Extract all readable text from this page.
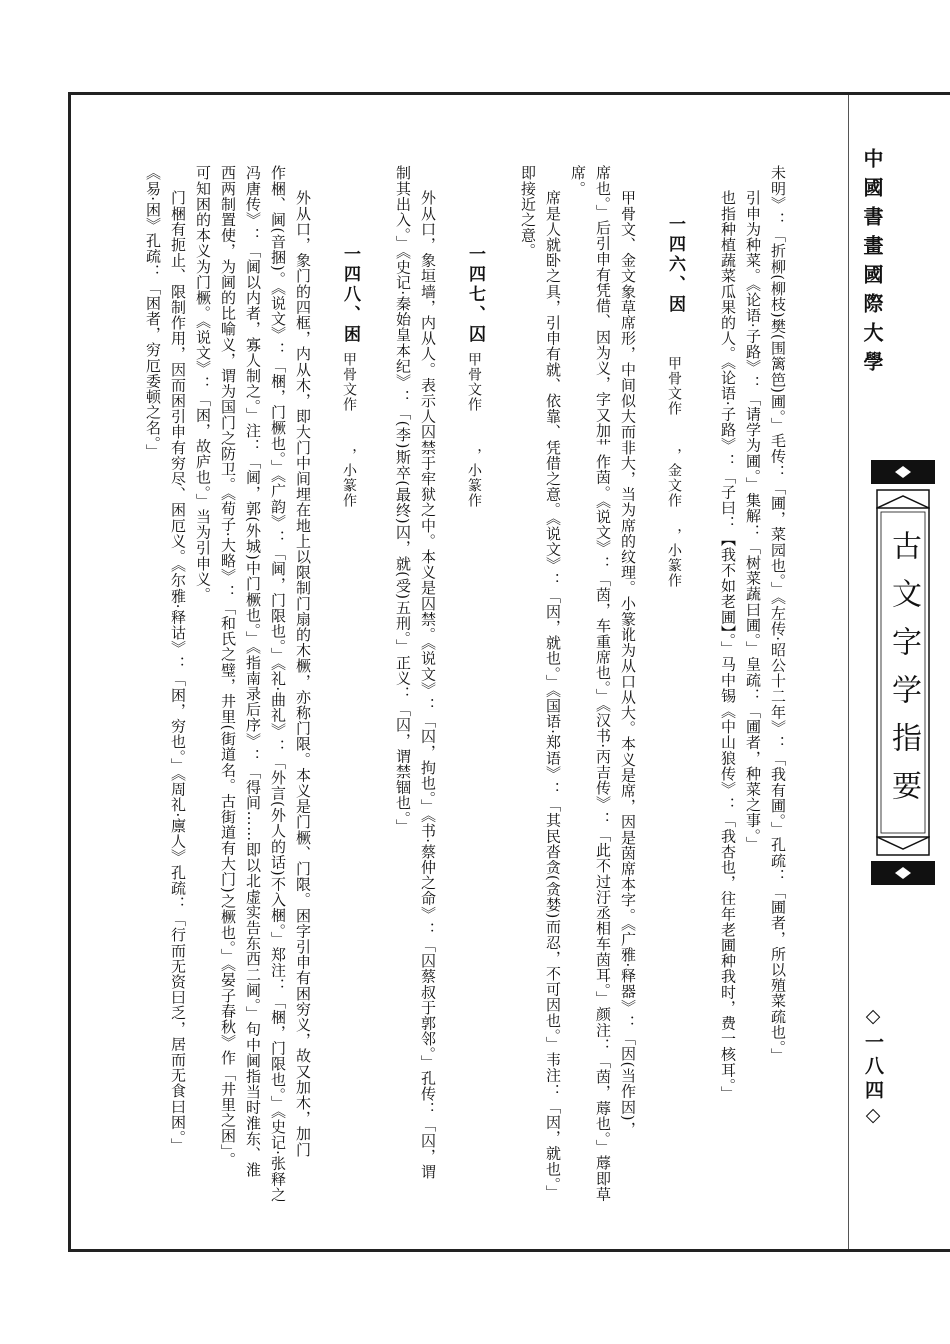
中國書畫國際大學
古文字学指要
◇一八四◇
未明》：「折柳(柳枝)樊(围篱笆)圃。」毛传：「圃，菜园也。」《左传·昭公十二年》：「我有圃。」孔疏：「圃者，所以殖菜疏也。」
引申为种菜。《论语·子路》：「请学为圃。」集解：「树菜蔬曰圃。」皇疏：「圃者，种菜之事。」
也指种植蔬菜瓜果的人。《论语·子路》：「子曰：【我不如老圃】。」马中锡《中山狼传》：「我杏也，往年老圃种我时，费一核耳。」
一四六、因
甲骨文作
，金文作
，小篆作
甲骨文、金文象草席形，中间似大而非大，当为席的纹理。小篆讹为从口从大。本义是席，因是茵席本字。《广雅·释器》：「因(当作因)，
席也。」后引申有凭借、因为义，字又加艹作茵。《说文》：「茵，车重席也。」《汉书·丙吉传》：「此不过汙丞相车茵耳。」颜注：「茵，蓐也。」蓐即草
席。
席是人就卧之具，引申有就、依靠、凭借之意。《说文》：「因，就也。」《国语·郑语》：「其民沓贪(贪婪)而忍，不可因也。」韦注：「因，就也。」
即接近之意。
一四七、囚
甲骨文作
，小篆作
外从口，象垣墙，内从人。表示人囚禁于牢狱之中。本义是囚禁。《说文》：「囚，拘也。」《书·蔡仲之命》：「囚蔡叔于郭邻。」孔传：「囚，谓
制其出入。」《史记·秦始皇本纪》：「(李)斯卒(最终)囚，就(受)五刑。」正义：「囚，谓禁锢也。」
一四八、困
甲骨文作
，小篆作
外从口，象门的四框，内从木，即大门中间埋在地上以限制门扇的木橛，亦称门限。本义是门橛、门限。困字引申有困穷义，故又加木，加门
作梱、阃(音捆)。《说文》：「梱，门橛也。」《广韵》：「阃，门限也。」《礼·曲礼》：「外言(外人的话)不入梱。」郑注：「梱，门限也。」《史记·张释之
冯唐传》：「阃以内者，寡人制之。」注：「阃，郭(外城)中门橛也。」《指南录后序》：「得间……即以北虚实告东西二阃。」句中阃指当时淮东、淮
西两制置使，为阃的比喻义，谓为国门之防卫。《荀子·大略》：「和氏之璧，井里(街道名。古街道有大门)之橛也。」《晏子春秋》作「井里之困」。
可知困的本义为门橛。《说文》：「困，故庐也。」当为引申义。
门梱有扼止、限制作用，因而困引申有穷尽、困厄义。《尔雅·释诂》：「困，穷也。」《周礼·廪人》孔疏：「行而无资曰乏，居而无食曰困。」
《易·困》孔疏：「困者，穷厄委顿之名。」
